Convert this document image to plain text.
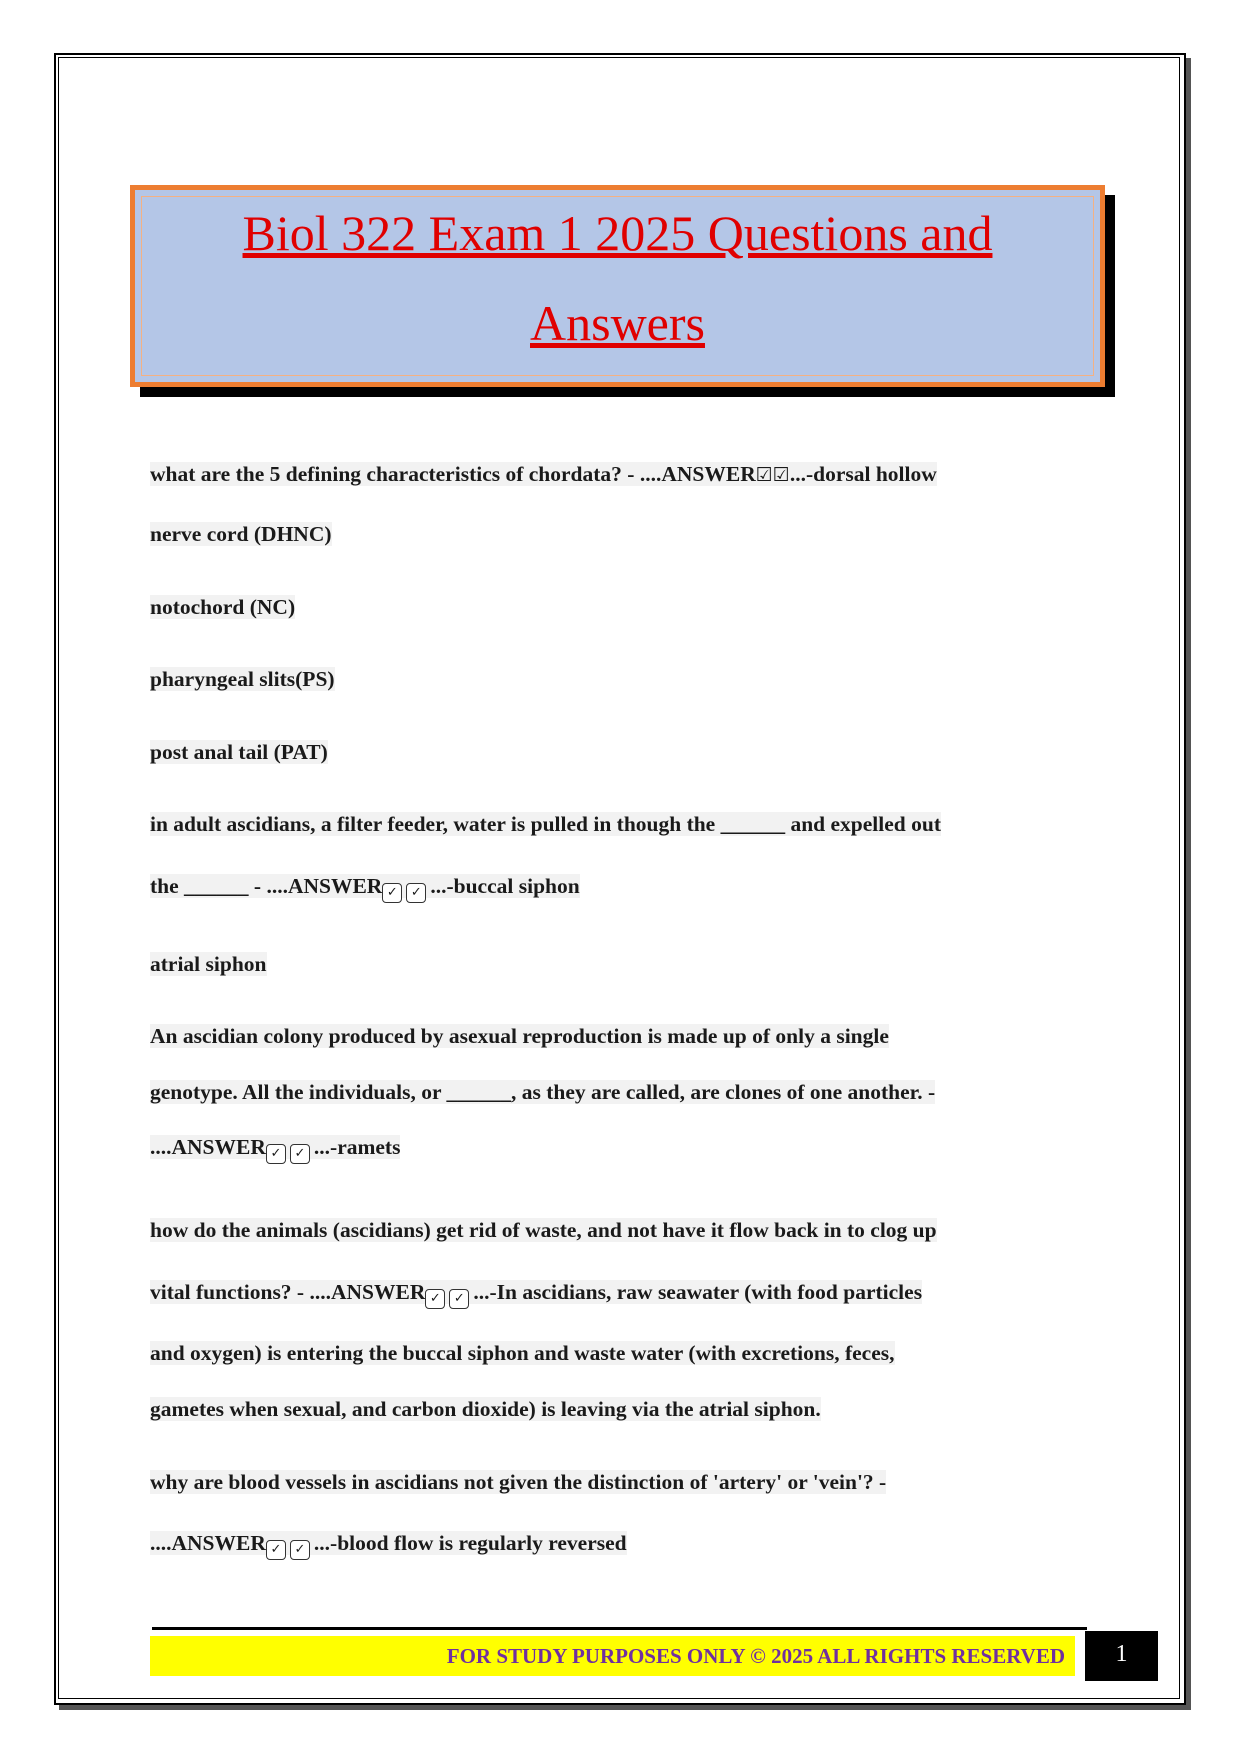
Biol 322 Exam 1 2025 Questions and
Answers
what are the 5 defining characteristics of chordata? - ....ANSWER☑☑...-dorsal hollow
nerve cord (DHNC)
notochord (NC)
pharyngeal slits(PS)
post anal tail (PAT)
in adult ascidians, a filter feeder, water is pulled in though the ______ and expelled out
the ______ - ....ANSWER ✓ ✓ ...-buccal siphon
atrial siphon
An ascidian colony produced by asexual reproduction is made up of only a single
genotype. All the individuals, or ______, as they are called, are clones of one another. -
....ANSWER ✓ ✓ ...-ramets
how do the animals (ascidians) get rid of waste, and not have it flow back in to clog up
vital functions? - ....ANSWER ✓ ✓ ...-In ascidians, raw seawater (with food particles
and oxygen) is entering the buccal siphon and waste water (with excretions, feces,
gametes when sexual, and carbon dioxide) is leaving via the atrial siphon.
why are blood vessels in ascidians not given the distinction of 'artery' or 'vein'? -
....ANSWER ✓ ✓ ...-blood flow is regularly reversed
FOR STUDY PURPOSES ONLY © 2025 ALL RIGHTS RESERVED	1
